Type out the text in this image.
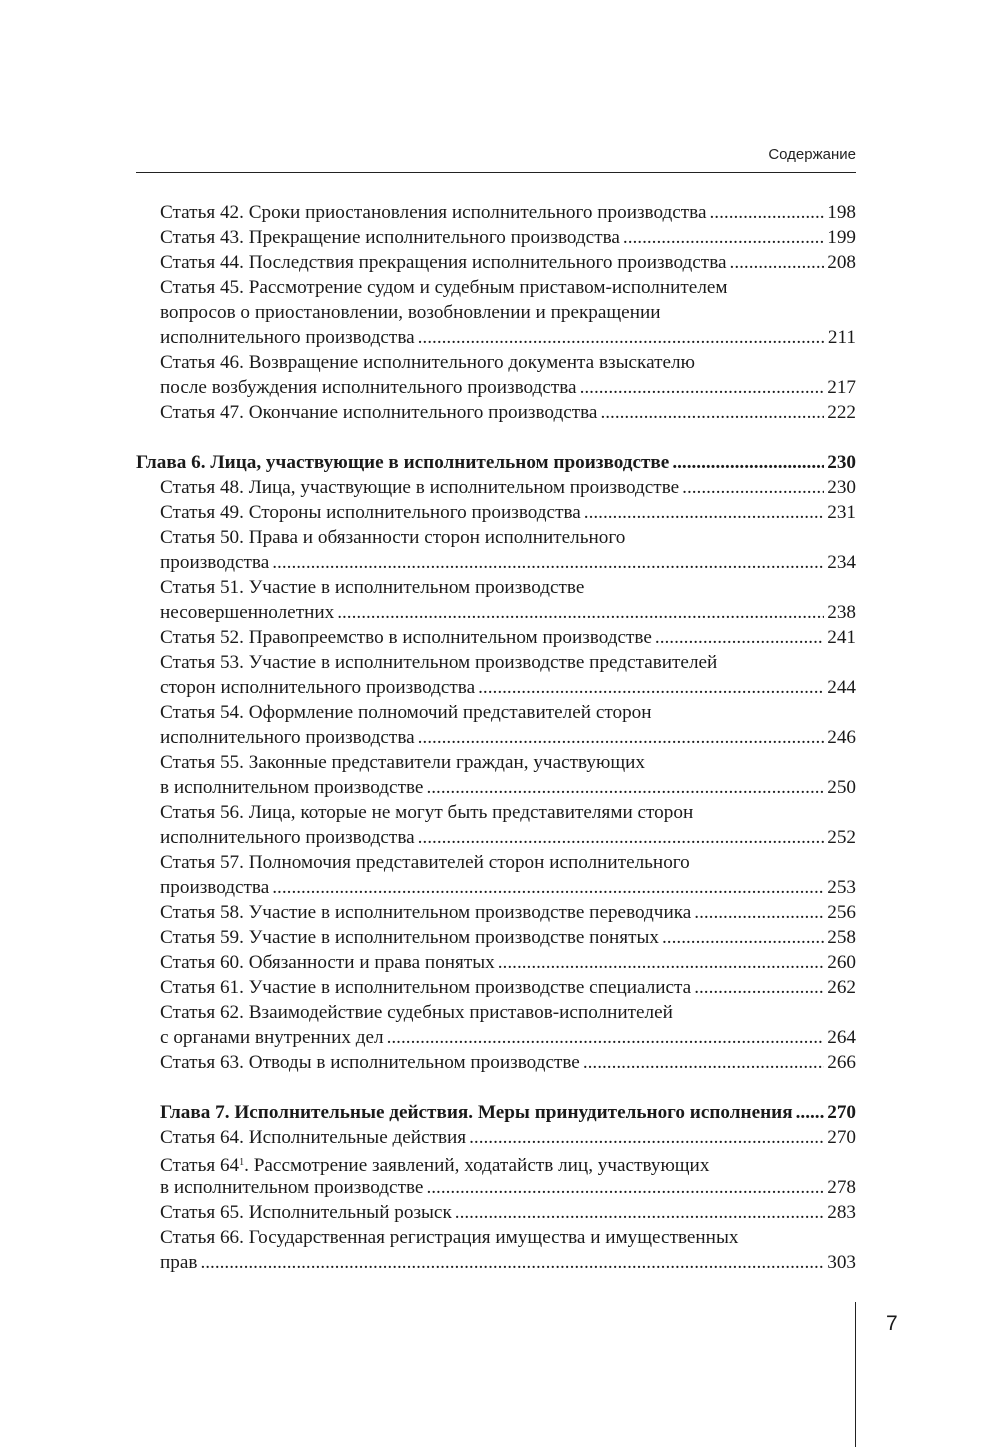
Содержание
Статья 42. Сроки приостановления исполнительного производства . . .	198
Статья 43. Прекращение исполнительного производства . . .	199
Статья 44. Последствия прекращения исполнительного производства . . .	208
Статья 45. Рассмотрение судом и судебным приставом-исполнителем
вопросов о приостановлении, возобновлении и прекращении
исполнительного производства . . .	211
Статья 46. Возвращение исполнительного документа взыскателю
после возбуждения исполнительного производства . . .	217
Статья 47. Окончание исполнительного производства . . .	222
Глава 6. Лица, участвующие в исполнительном производстве . . .	230
Статья 48. Лица, участвующие в исполнительном производстве . . .	230
Статья 49. Стороны исполнительного производства . . .	231
Статья 50. Права и обязанности сторон исполнительного
производства . . .	234
Статья 51. Участие в исполнительном производстве
несовершеннолетних . . .	238
Статья 52. Правопреемство в исполнительном производстве . . .	241
Статья 53. Участие в исполнительном производстве представителей
сторон исполнительного производства . . .	244
Статья 54. Оформление полномочий представителей сторон
исполнительного производства . . .	246
Статья 55. Законные представители граждан, участвующих
в исполнительном производстве . . .	250
Статья 56. Лица, которые не могут быть представителями сторон
исполнительного производства . . .	252
Статья 57. Полномочия представителей сторон исполнительного
производства . . .	253
Статья 58. Участие в исполнительном производстве переводчика . . .	256
Статья 59. Участие в исполнительном производстве понятых . . .	258
Статья 60. Обязанности и права понятых . . .	260
Статья 61. Участие в исполнительном производстве специалиста . . .	262
Статья 62. Взаимодействие судебных приставов-исполнителей
с органами внутренних дел . . .	264
Статья 63. Отводы в исполнительном производстве . . .	266
Глава 7. Исполнительные действия. Меры принудительного исполнения . . . 270
Статья 64. Исполнительные действия . . .	270
Статья $64^1$. Рассмотрение заявлений, ходатайств лиц, участвующих
в исполнительном производстве . . .	278
Статья 65. Исполнительный розыск . . .	283
Статья 66. Государственная регистрация имущества и имущественных
прав . . .	303
7
